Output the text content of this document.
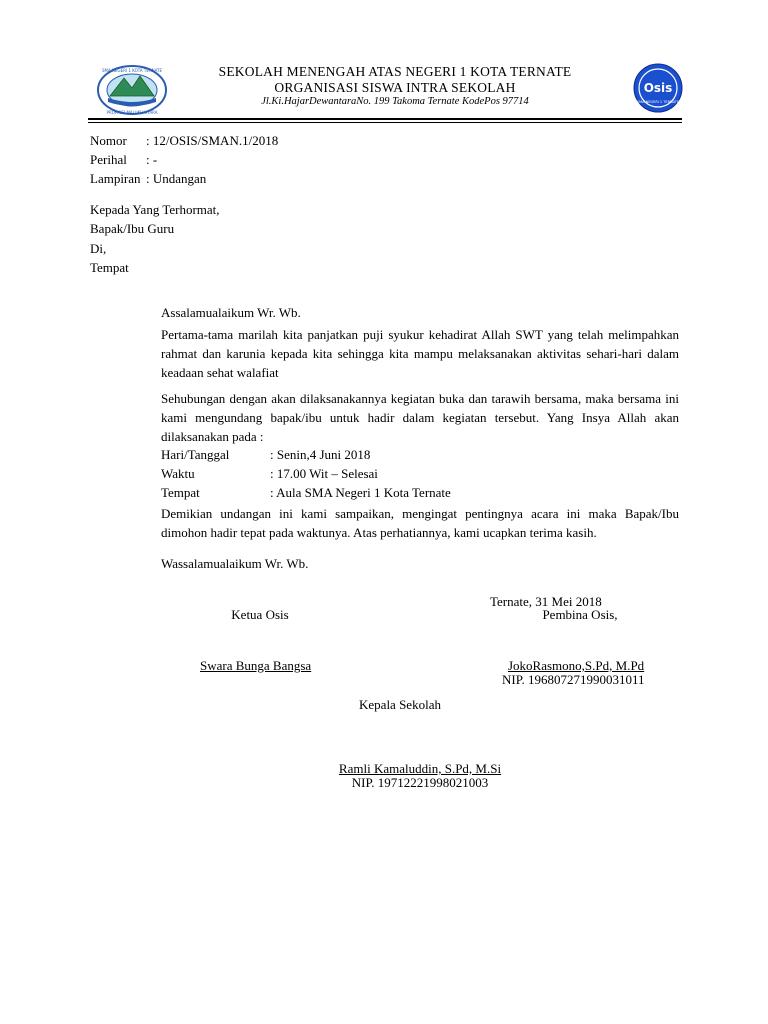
SMA NEGERI 1 KOTA TERNATE
PROPINSI MALUKU UTARA
SEKOLAH MENENGAH ATAS NEGERI 1 KOTA TERNATE
ORGANISASI SISWA INTRA SEKOLAH
Jl.Ki.HajarDewantaraNo. 199 Takoma Ternate KodePos 97714
Osis
SMA NEGERI 1 TERNATE
Nomor : 12/OSIS/SMAN.1/2018
Perihal : -
Lampiran : Undangan
Kepada Yang Terhormat,
Bapak/Ibu Guru
Di,
Tempat
Assalamualaikum Wr. Wb.
Pertama-tama marilah kita panjatkan puji syukur kehadirat Allah SWT yang telah melimpahkan rahmat dan karunia kepada kita sehingga kita mampu melaksanakan aktivitas sehari-hari dalam keadaan sehat walafiat
Sehubungan dengan akan dilaksanakannya kegiatan buka dan tarawih bersama, maka bersama ini kami mengundang bapak/ibu untuk hadir dalam kegiatan tersebut. Yang Insya Allah akan dilaksanakan pada :
Hari/Tanggal	: Senin,4 Juni 2018
Waktu	: 17.00 Wit – Selesai
Tempat	: Aula SMA Negeri 1 Kota Ternate
Demikian undangan ini kami sampaikan, mengingat pentingnya acara ini maka Bapak/Ibu dimohon hadir tepat pada waktunya. Atas perhatiannya, kami ucapkan terima kasih.
Wassalamualaikum Wr. Wb.
Ternate, 31 Mei 2018
Ketua Osis	Pembina Osis,
Swara Bunga Bangsa	JokoRasmono,S.Pd, M.Pd
NIP. 196807271990031011
Kepala Sekolah
Ramli Kamaluddin, S.Pd, M.Si
NIP. 19712221998021003
